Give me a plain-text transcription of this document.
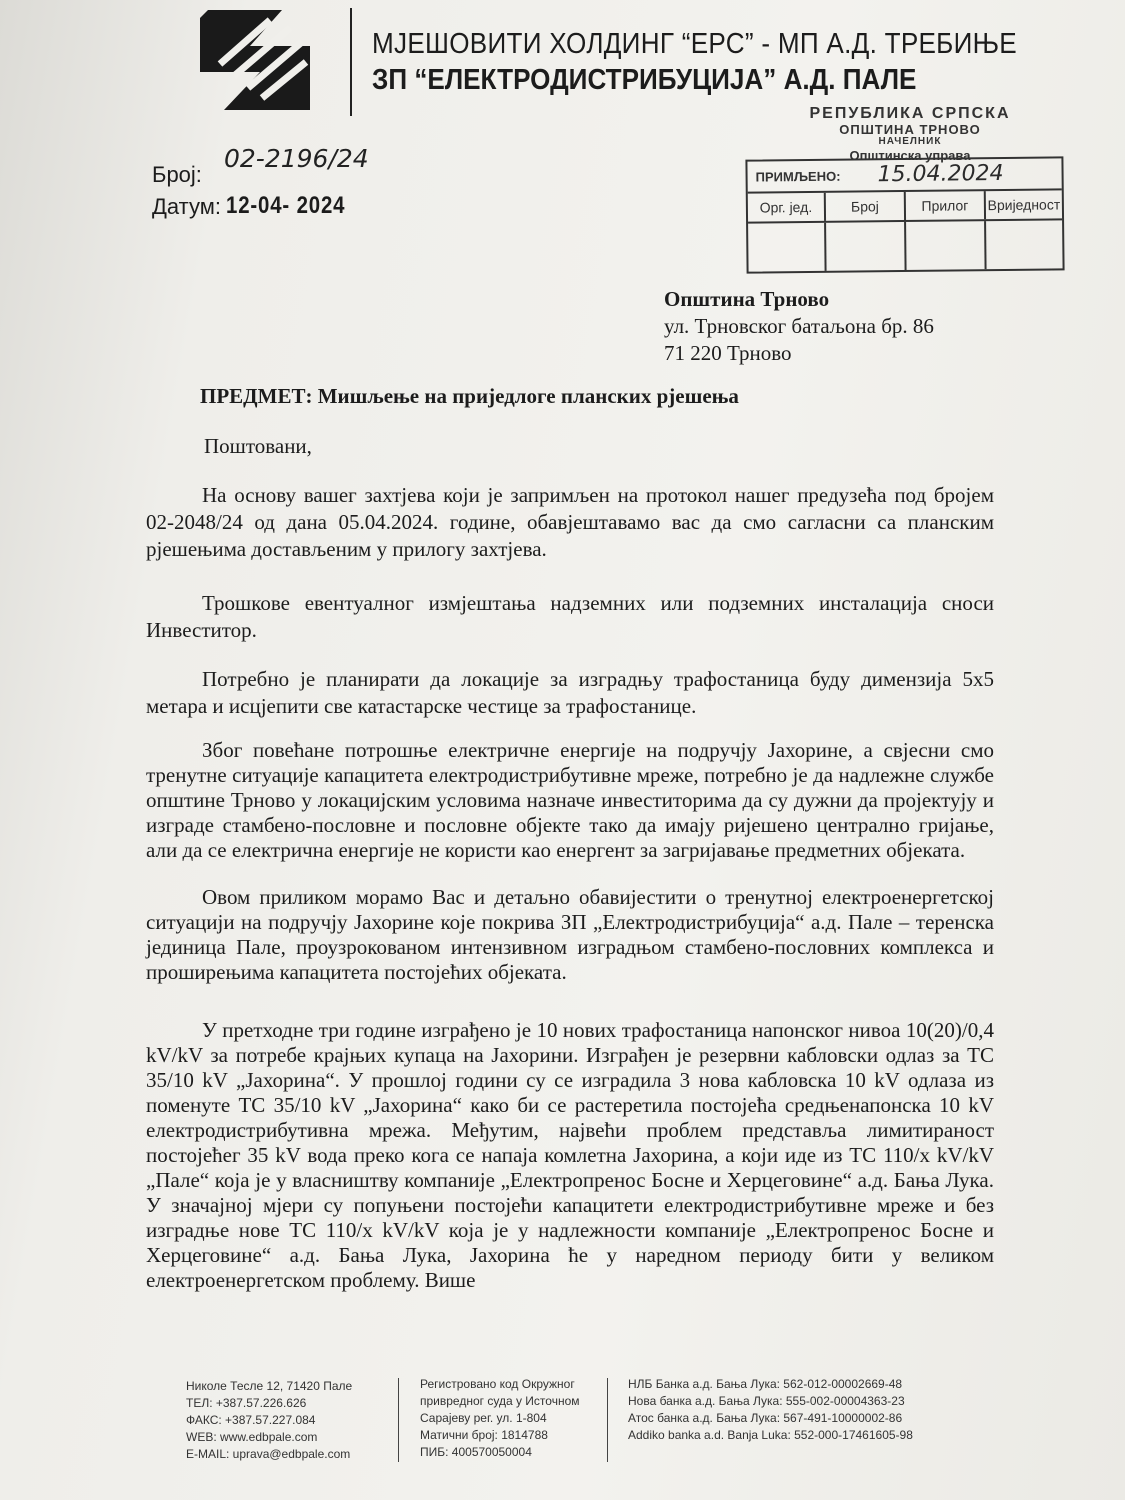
МЈЕШОВИТИ ХОЛДИНГ “ЕРС” - МП А.Д. ТРЕБИЊЕ
ЗП “ЕЛЕКТРОДИСТРИБУЦИЈА” А.Д. ПАЛЕ
РЕПУБЛИКА СРПСКА
ОПШТИНА ТРНОВО
НАЧЕЛНИК
Општинска управа
ПРИМЉЕНО: 15.04.2024
Орг. јед.	Број	Прилог	Вриједност
Број:
02-2196/24
Датум: 12-04- 2024
Општина Трново
ул. Трновског батаљона бр. 86
71 220 Трново
ПРЕДМЕТ: Мишљење на приједлоге планских рјешења
Поштовани,

На основу вашег захтјева који је запримљен на протокол нашег предузећа под бројем 02-2048/24 од дана 05.04.2024. године, обавјештавамо вас да смо сагласни са планским рјешењима достављеним у прилогу захтјева.

Трошкове евентуалног измјештања надземних или подземних инсталација сноси Инвеститор.

Потребно је планирати да локације за изградњу трафостаница буду димензија 5x5 метара и исцјепити све катастарске честице за трафостанице.

Због повећане потрошње електричне енергије на подручју Јахорине, а свјесни смо тренутне ситуације капацитета електродистрибутивне мреже, потребно је да надлежне службе општине Трново у локацијским условима назначе инвеститорима да су дужни да пројектују и изграде стамбено-пословне и пословне објекте тако да имају ријешено централно гријање, али да се електрична енергије не користи као енергент за загријавање предметних објеката.

Овом приликом морамо Вас и детаљно обавијестити о тренутној електроенергетској ситуацији на подручју Јахорине које покрива ЗП „Електродистрибуција“ а.д. Пале – теренска јединица Пале, проузрокованом интензивном изградњом стамбено-пословних комплекса и проширењима капацитета постојећих објеката.

У претходне три године изграђено је 10 нових трафостаница напонског нивоа 10(20)/0,4 kV/kV за потребе крајњих купаца на Јахорини. Изграђен је резервни кабловски одлаз за ТС 35/10 kV „Јахорина“. У прошлој години су се изградила 3 нова кабловска 10 kV одлаза из поменуте ТС 35/10 kV „Јахорина“ како би се растеретила постојећа средњенапонска 10 kV електродистрибутивна мрежа. Међутим, највећи проблем представља лимитираност постојећег 35 kV вода преко кога се напаја комлетна Јахорина, а који иде из ТС 110/x kV/kV „Пале“ која је у власништву компаније „Електропренос Босне и Херцеговине“ а.д. Бања Лука. У значајној мјери су попуњени постојећи капацитети електродистрибутивне мреже и без изградње нове ТС 110/x kV/kV која је у надлежности компаније „Електропренос Босне и Херцеговине“ а.д. Бања Лука, Јахорина ће у наредном периоду бити у великом електроенергетском проблему. Више

Николе Тесле 12, 71420 Пале
ТЕЛ: +387.57.226.626
ФАКС: +387.57.227.084
WEB: www.edbpale.com
E-MAIL: uprava@edbpale.com
Регистровано код Окружног
привредног суда у Источном
Сарајеву рег. ул. 1-804
Матични број: 1814788
ПИБ: 400570050004
НЛБ Банка а.д. Бања Лука: 562-012-00002669-48
Нова банка а.д. Бања Лука: 555-002-00004363-23
Атос банка а.д. Бања Лука: 567-491-10000002-86
Addiko banka a.d. Banja Luka: 552-000-17461605-98
